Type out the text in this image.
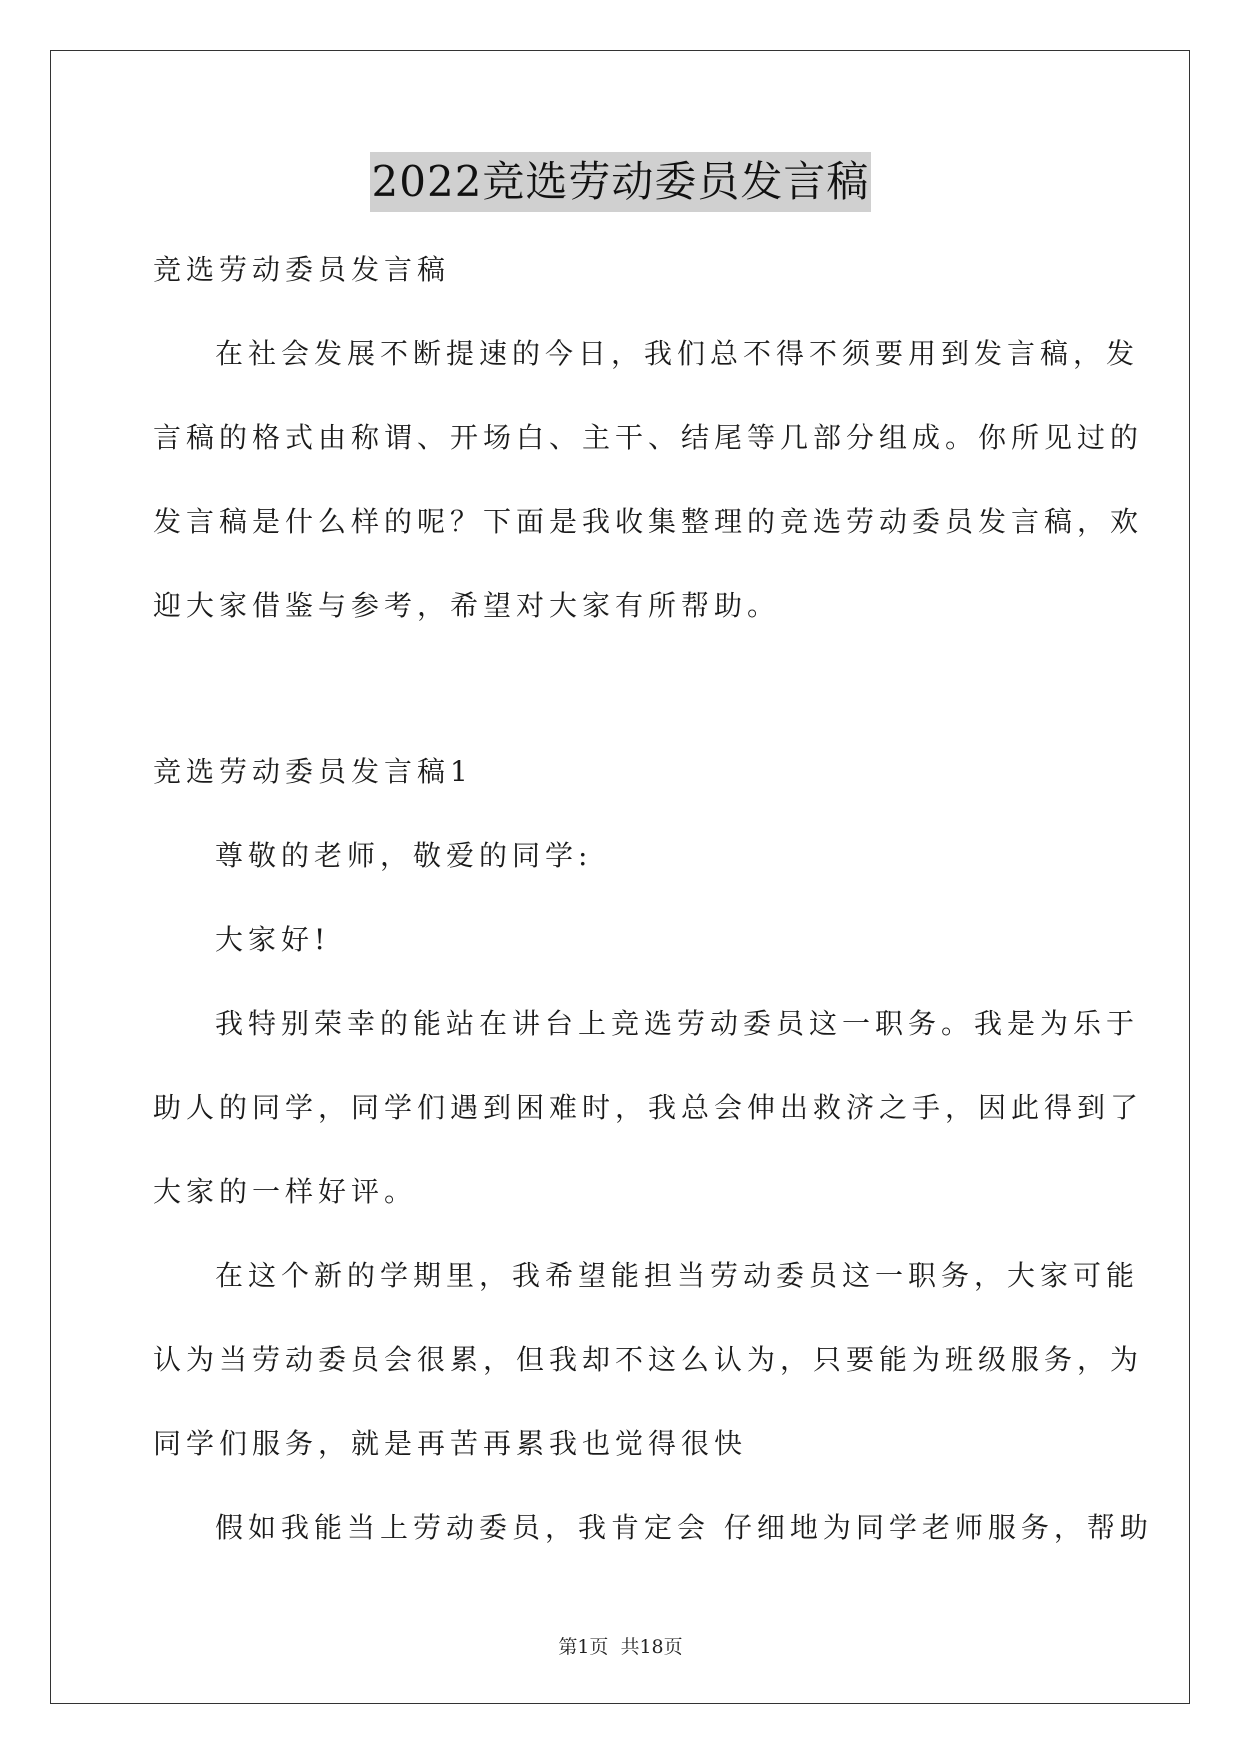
2022竞选劳动委员发言稿
竞选劳动委员发言稿
在社会发展不断提速的今日，我们总不得不须要用到发言稿，发
言稿的格式由称谓、开场白、主干、结尾等几部分组成。你所见过的
发言稿是什么样的呢？下面是我收集整理的竞选劳动委员发言稿，欢
迎大家借鉴与参考，希望对大家有所帮助。
竞选劳动委员发言稿1
尊敬的老师，敬爱的同学:
大家好!
我特别荣幸的能站在讲台上竞选劳动委员这一职务。我是为乐于
助人的同学，同学们遇到困难时，我总会伸出救济之手，因此得到了
大家的一样好评。
在这个新的学期里，我希望能担当劳动委员这一职务，大家可能
认为当劳动委员会很累，但我却不这么认为，只要能为班级服务，为
同学们服务，就是再苦再累我也觉得很快
假如我能当上劳动委员，我肯定会 仔细地为同学老师服务，帮助
第1页 共18页
